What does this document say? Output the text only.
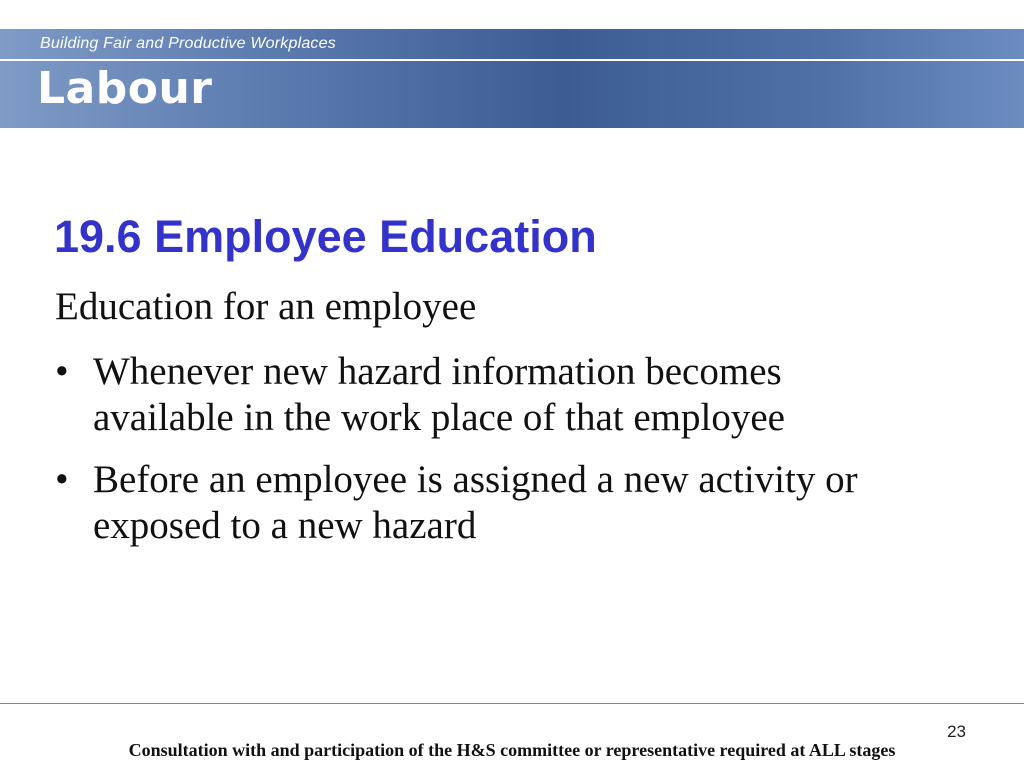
Building Fair and Productive Workplaces
Labour
19.6 Employee Education

Education for an employee

• Whenever new hazard information becomes available in the work place of that employee
• Before an employee is assigned a new activity or exposed to a new hazard
23
Consultation with and participation of the H&S committee or representative required at ALL stages
